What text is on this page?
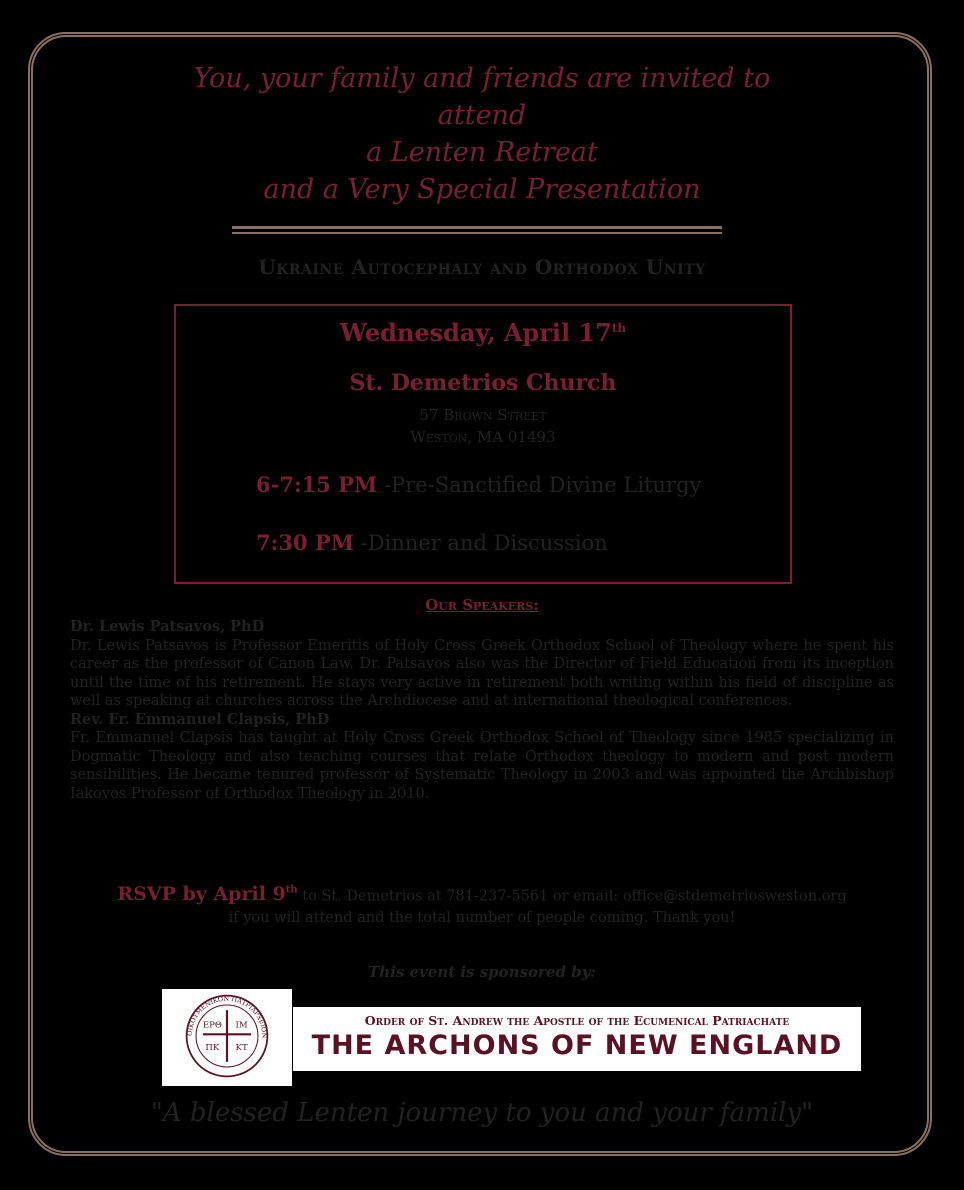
You, your family and friends are invited to
attend
a Lenten Retreat
and a Very Special Presentation
Ukraine Autocephaly and Orthodox Unity
Wednesday, April 17th
St. Demetrios Church
57 Brown Street
Weston, MA 01493
6-7:15 PM -Pre-Sanctified Divine Liturgy
7:30 PM -Dinner and Discussion
Our Speakers:
Dr. Lewis Patsavos, PhD
Dr. Lewis Patsavos is Professor Emeritis of Holy Cross Greek Orthodox School of Theology where he spent his career as the professor of Canon Law. Dr. Patsavos also was the Director of Field Education from its inception until the time of his retirement. He stays very active in retirement both writing within his field of discipline as well as speaking at churches across the Archdiocese and at international theological conferences.
Rev. Fr. Emmanuel Clapsis, PhD
Fr. Emmanuel Clapsis has taught at Holy Cross Greek Orthodox School of Theology since 1985 specializing in Dogmatic Theology and also teaching courses that relate Orthodox theology to modern and post modern sensibilities. He became tenured professor of Systematic Theology in 2003 and was appointed the Archbishop Iakovos Professor of Orthodox Theology in 2010.
RSVP by April 9th to St. Demetrios at 781-237-5561 or email: office@stdemetriosweston.org
if you will attend and the total number of people coming. Thank you!
This event is sponsored by:
ΟΙΚΟΥΜΕΝΙΚΟΝ ΠΑΤΡΙΑΡΧΕΙΟΝ
ΕΡΘ ΙΜ
ΠΚ ΚΤ
Order of St. Andrew the Apostle of the Ecumenical Patriachate
THE ARCHONS OF NEW ENGLAND
"A blessed Lenten journey to you and your family"
